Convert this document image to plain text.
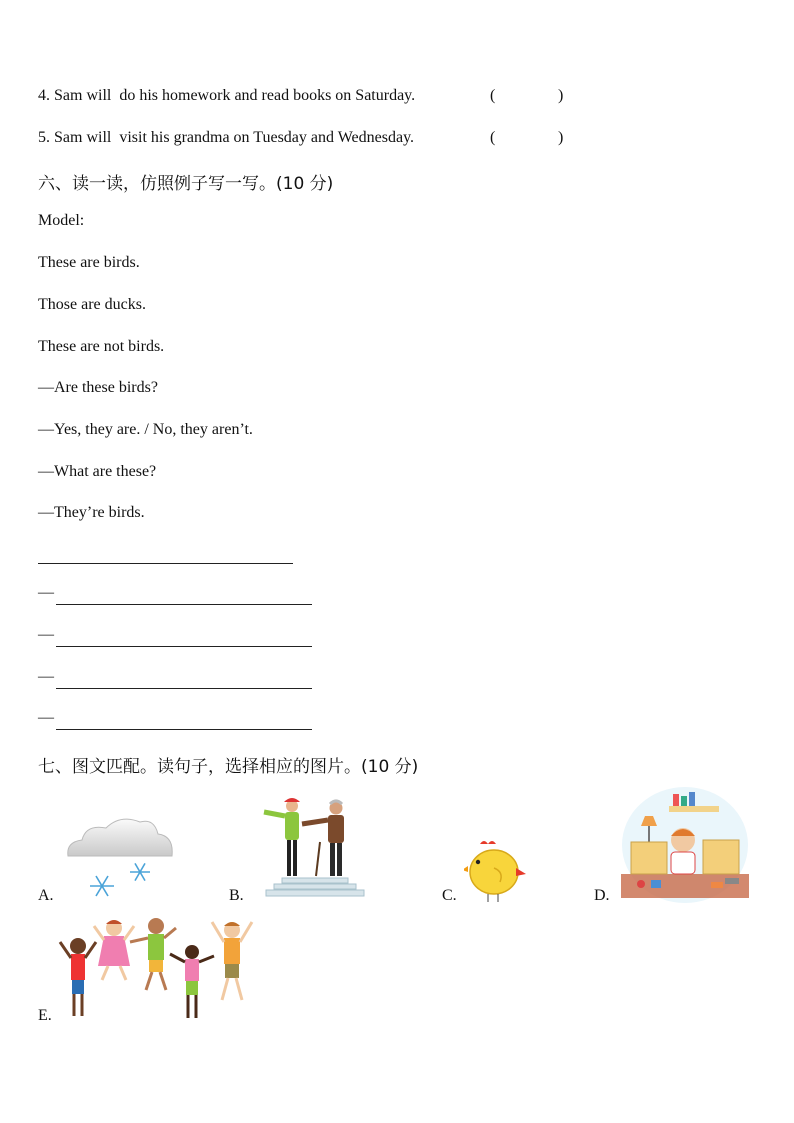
4. Sam will  do his homework and read books on Saturday.	(	)
5. Sam will  visit his grandma on Tuesday and Wednesday.	(	)
六、读一读，仿照例子写一写。(10 分)
Model:
These are birds.
Those are ducks.
These are not birds.
—Are these birds?
—Yes, they are. / No, they aren’t.
—What are these?
—They’re birds.
—
—
—
—
七、图文匹配。读句子，选择相应的图片。(10 分)
A.	B.	C.	D.
E.
